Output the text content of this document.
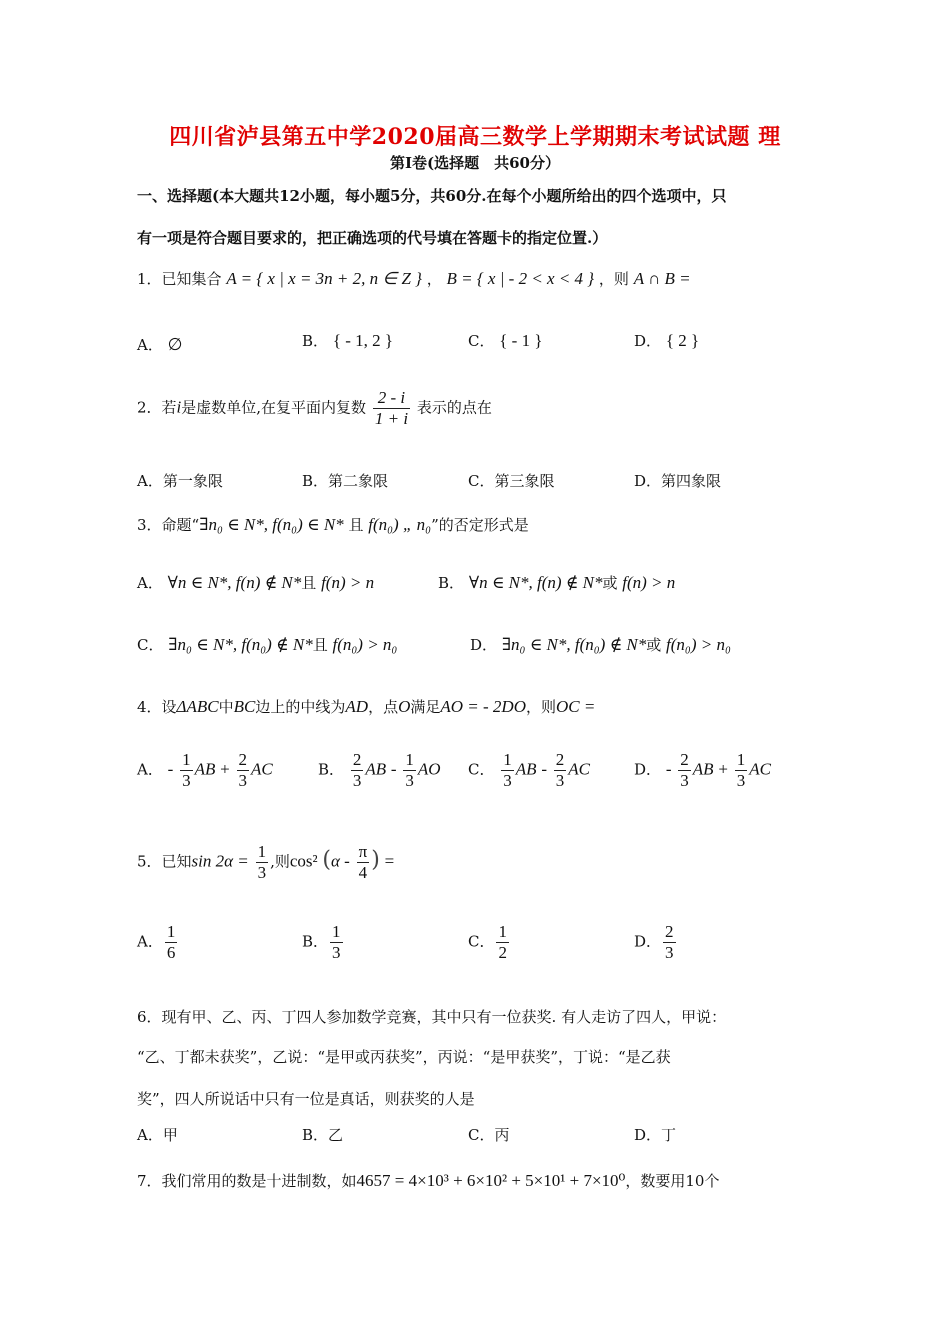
四川省泸县第五中学2020届高三数学上学期期末考试试题 理
第Ⅰ卷(选择题　共60分）
一、选择题(本大题共12小题，每小题5分，共60分.在每个小题所给出的四个选项中，只
有一项是符合题目要求的，把正确选项的代号填在答题卡的指定位置.）
1．已知集合 A = { x | x = 3n + 2, n ∈ Z } ， B = { x | - 2 < x < 4 } ，则 A ∩ B =
A． ∅	B． { - 1, 2 }	C． { - 1 }	D． { 2 }
2．若i是虚数单位,在复平面内复数 $\frac{2 - i}{1 + i}$ 表示的点在
A．第一象限	B．第二象限	C．第三象限	D．第四象限
3．命题“∃n₀ ∈ N*, f(n₀) ∈ N* 且 f(n₀) „ n₀”的否定形式是
A． ∀n ∈ N*, f(n) ∉ N*且 f(n) > n	B． ∀n ∈ N*, f(n) ∉ N*或 f(n) > n
C． ∃n₀ ∈ N*, f(n₀) ∉ N*且 f(n₀) > n₀	D． ∃n₀ ∈ N*, f(n₀) ∉ N*或 f(n₀) > n₀
4．设ΔABC中BC边上的中线为AD，点O满足AO = - 2DO，则OC =
A． - $\frac{1}{3}$ AB + $\frac{2}{3}$ AC	B． $\frac{2}{3}$ AB - $\frac{1}{3}$ AO C． $\frac{1}{3}$ AB - $\frac{2}{3}$ AC	D． - $\frac{2}{3}$ AB + $\frac{1}{3}$ AC
5．已知$\sin 2\alpha = \frac{1}{3}$ ,则cos² ($\alpha - \frac{\pi}{4}$ ) =
A． $\frac{1}{6}$	B． $\frac{1}{3}$	C． $\frac{1}{2}$	D． $\frac{2}{3}$
6．现有甲、乙、丙、丁四人参加数学竞赛，其中只有一位获奖. 有人走访了四人，甲说：
“乙、丁都未获奖”，乙说：“是甲或丙获奖”，丙说：“是甲获奖”，丁说：“是乙获
奖”，四人所说话中只有一位是真话，则获奖的人是
A．甲	B．乙	C．丙	D．丁
7．我们常用的数是十进制数，如4657 = 4×10³ + 6×10² + 5×10¹ + 7×10⁰，数要用10个
